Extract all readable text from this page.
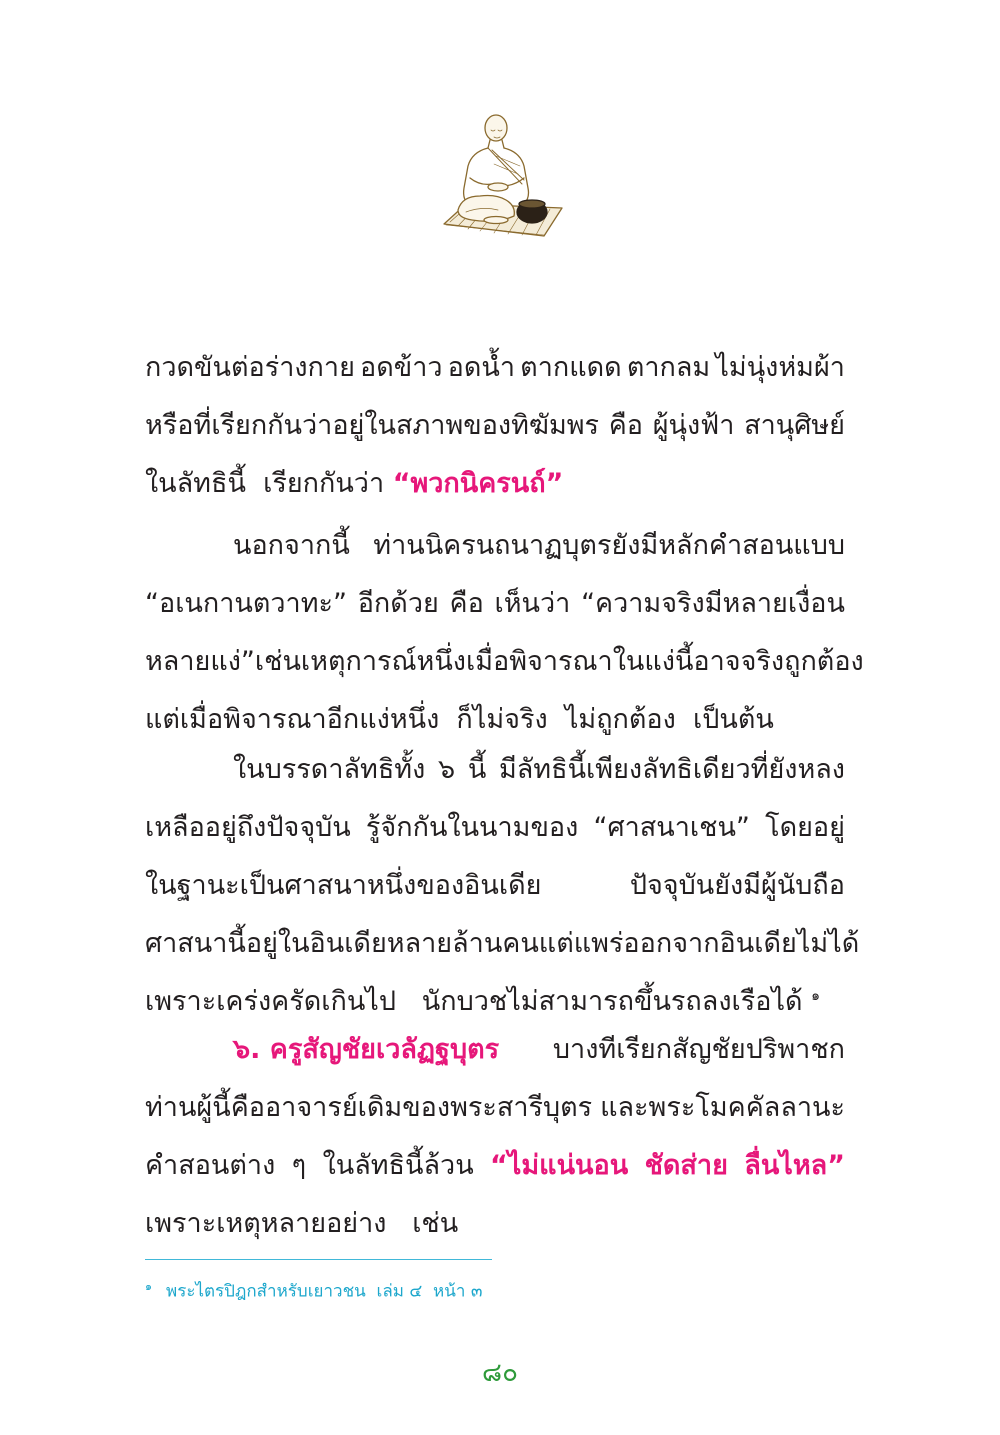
กวดขันต่อร่างกาย อดข้าว อดน้ำ ตากแดด ตากลม ไม่นุ่งห่มผ้า
หรือที่เรียกกันว่าอยู่ในสภาพของทิฆัมพร คือ ผู้นุ่งฟ้า สานุศิษย์
ในลัทธินี้  เรียกกันว่า “พวกนิครนถ์”
นอกจากนี้ ท่านนิครนถนาฏบุตรยังมีหลักคำสอนแบบ
“อเนกานตวาทะ” อีกด้วย คือ เห็นว่า “ความจริงมีหลายเงื่อน
หลายแง่” เช่น เหตุการณ์หนึ่ง เมื่อพิจารณาในแง่นี้อาจจริง ถูกต้อง
แต่เมื่อพิจารณาอีกแง่หนึ่ง  ก็ไม่จริง  ไม่ถูกต้อง  เป็นต้น
ในบรรดาลัทธิทั้ง ๖ นี้ มีลัทธินี้เพียงลัทธิเดียวที่ยังหลง
เหลืออยู่ถึงปัจจุบัน รู้จักกันในนามของ “ศาสนาเชน” โดยอยู่
ในฐานะเป็นศาสนาหนึ่งของอินเดีย	ปัจจุบันยังมีผู้นับถือ
ศาสนานี้อยู่ในอินเดียหลายล้านคน แต่แพร่ออกจากอินเดียไม่ได้
เพราะเคร่งครัดเกินไป   นักบวชไม่สามารถขึ้นรถลงเรือได้ $^๑$
๖. ครูสัญชัยเวลัฏฐบุตร บางทีเรียกสัญชัยปริพาชก
ท่านผู้นี้คืออาจารย์เดิมของพระสารีบุตร และพระโมคคัลลานะ
คำสอนต่าง ๆ ในลัทธินี้ล้วน “ไม่แน่นอน ชัดส่าย ลื่นไหล”
เพราะเหตุหลายอย่าง   เช่น
$^๑$ พระไตรปิฎกสำหรับเยาวชน  เล่ม ๔  หน้า ๓
๘๐
